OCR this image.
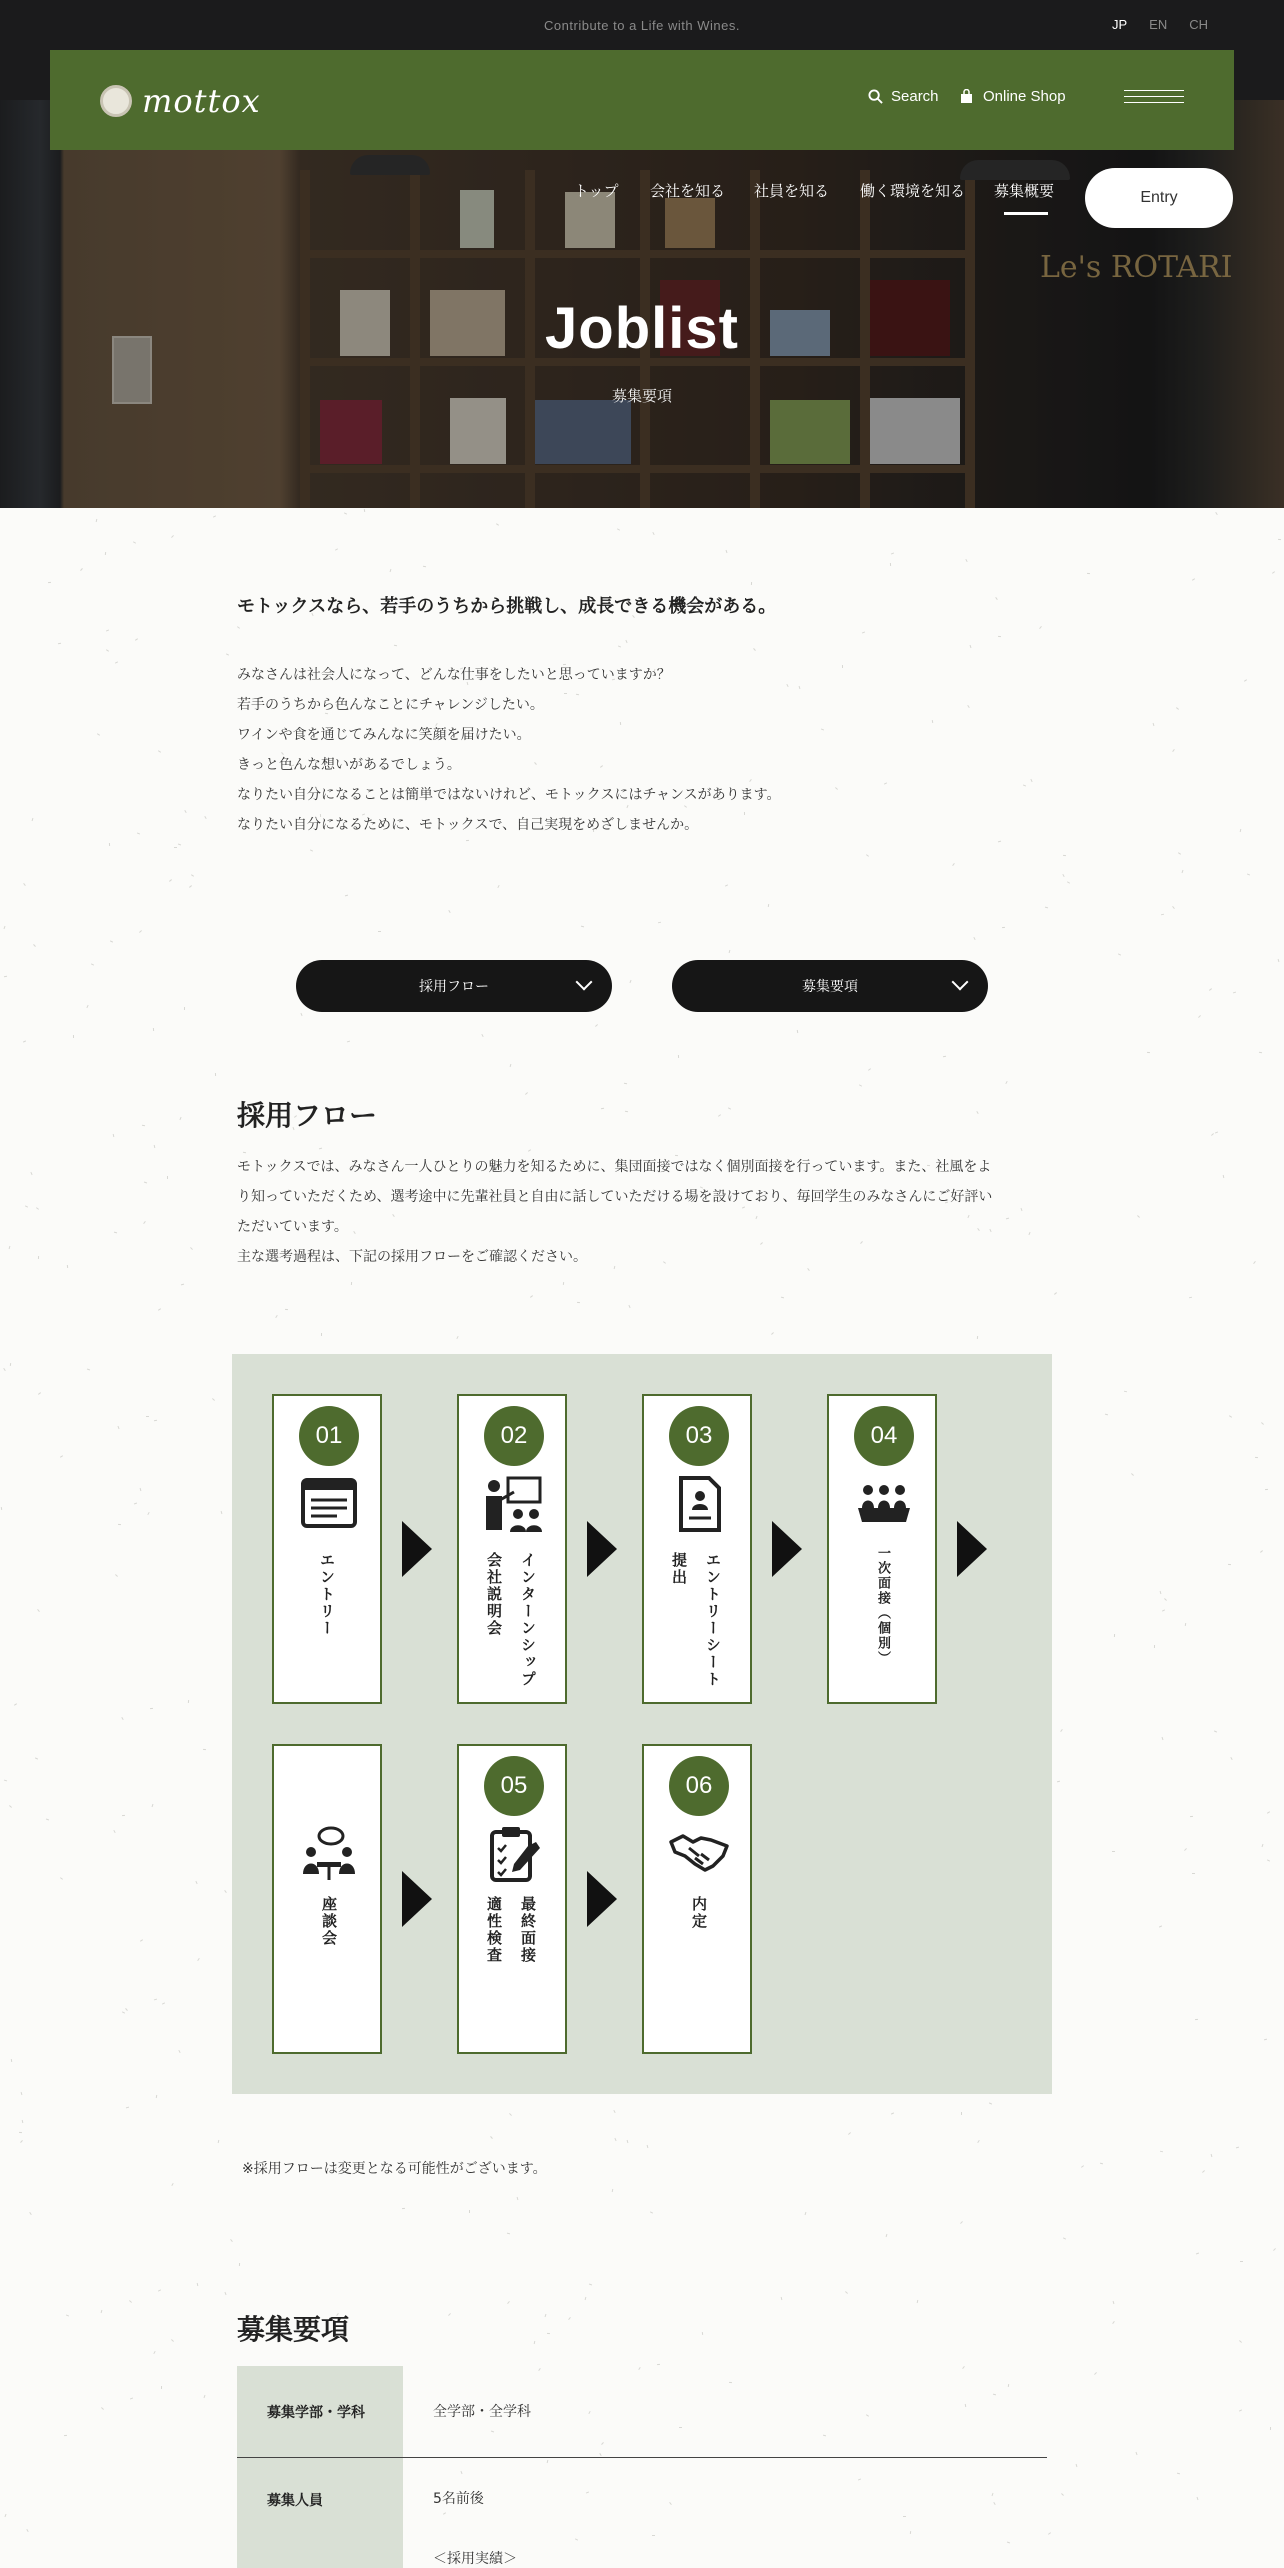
Contribute to a Life with Wines.	JP EN CH
Le's ROTARI
トップ 会社を知る 社員を知る 働く環境を知る 募集概要	Entry
Joblist
募集要項
mottox	Search	Online Shop
モトックスなら、若手のうちから挑戦し、成長できる機会がある。
みなさんは社会人になって、どんな仕事をしたいと思っていますか？
若手のうちから色んなことにチャレンジしたい。
ワインや食を通じてみんなに笑顔を届けたい。
きっと色んな想いがあるでしょう。
なりたい自分になることは簡単ではないけれど、モトックスにはチャンスがあります。
なりたい自分になるために、モトックスで、自己実現をめざしませんか。
採用フロー	募集要項
採用フロー
モトックスでは、みなさん一人ひとりの魅力を知るために、集団面接ではなく個別面接を行っています。また、社風をよ
り知っていただくため、選考途中に先輩社員と自由に話していただける場を設けており、毎回学生のみなさんにご好評い
ただいています。
主な選考過程は、下記の採用フローをご確認ください。
01
エントリー
02
インターンシップ
会社説明会
03
エントリーシート
提出
04
一次面接（個別）
座談会
05
最終面接
適性検査
06
内定
※採用フローは変更となる可能性がございます。
募集要項
募集学部・学科	全学部・全学科
募集人員	5名前後
＜採用実績＞
